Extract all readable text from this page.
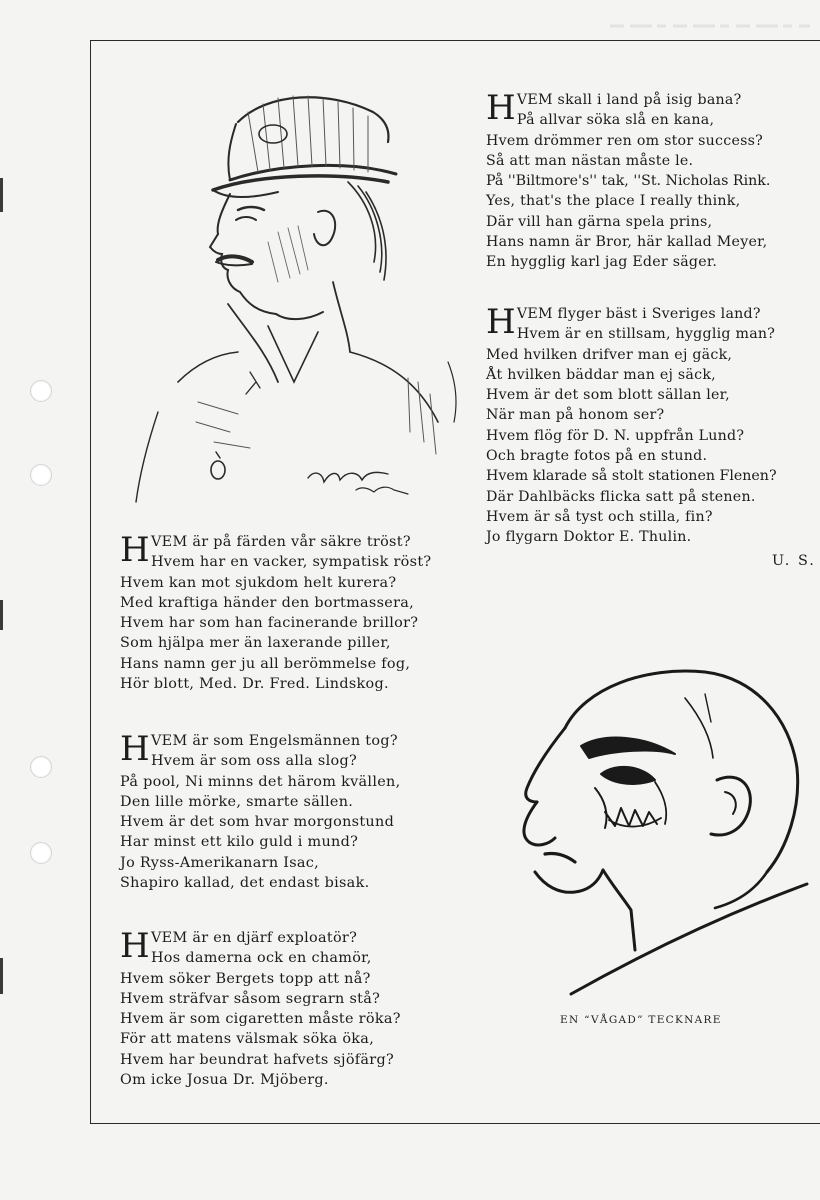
H VEM är på färden vår säkre tröst?
Hvem har en vacker, sympatisk röst?
Hvem kan mot sjukdom helt kurera?
Med kraftiga händer den bortmassera,
Hvem har som han facinerande brillor?
Som hjälpa mer än laxerande piller,
Hans namn ger ju all berömmelse fog,
Hör blott, Med. Dr. Fred. Lindskog.
H VEM är som Engelsmännen tog?
Hvem är som oss alla slog?
På pool, Ni minns det härom kvällen,
Den lille mörke, smarte sällen.
Hvem är det som hvar morgonstund
Har minst ett kilo guld i mund?
Jo Ryss-Amerikanarn Isac,
Shapiro kallad, det endast bisak.
H VEM är en djärf exploatör?
Hos damerna ock en chamör,
Hvem söker Bergets topp att nå?
Hvem sträfvar såsom segrarn stå?
Hvem är som cigaretten måste röka?
För att matens välsmak söka öka,
Hvem har beundrat hafvets sjöfärg?
Om icke Josua Dr. Mjöberg.
H VEM skall i land på isig bana?
På allvar söka slå en kana,
Hvem drömmer ren om stor success?
Så att man nästan måste le.
På ''Biltmore's'' tak, ''St. Nicholas Rink.
Yes, that's the place I really think,
Där vill han gärna spela prins,
Hans namn är Bror, här kallad Meyer,
En hygglig karl jag Eder säger.
H VEM flyger bäst i Sveriges land?
Hvem är en stillsam, hygglig man?
Med hvilken drifver man ej gäck,
Åt hvilken bäddar man ej säck,
Hvem är det som blott sällan ler,
När man på honom ser?
Hvem flög för D. N. uppfrån Lund?
Och bragte fotos på en stund.
Hvem klarade så stolt stationen Flenen?
Där Dahlbäcks flicka satt på stenen.
Hvem är så tyst och stilla, fin?
Jo flygarn Doktor E. Thulin.
U. S.
EN “VÅGAD” TECKNARE
